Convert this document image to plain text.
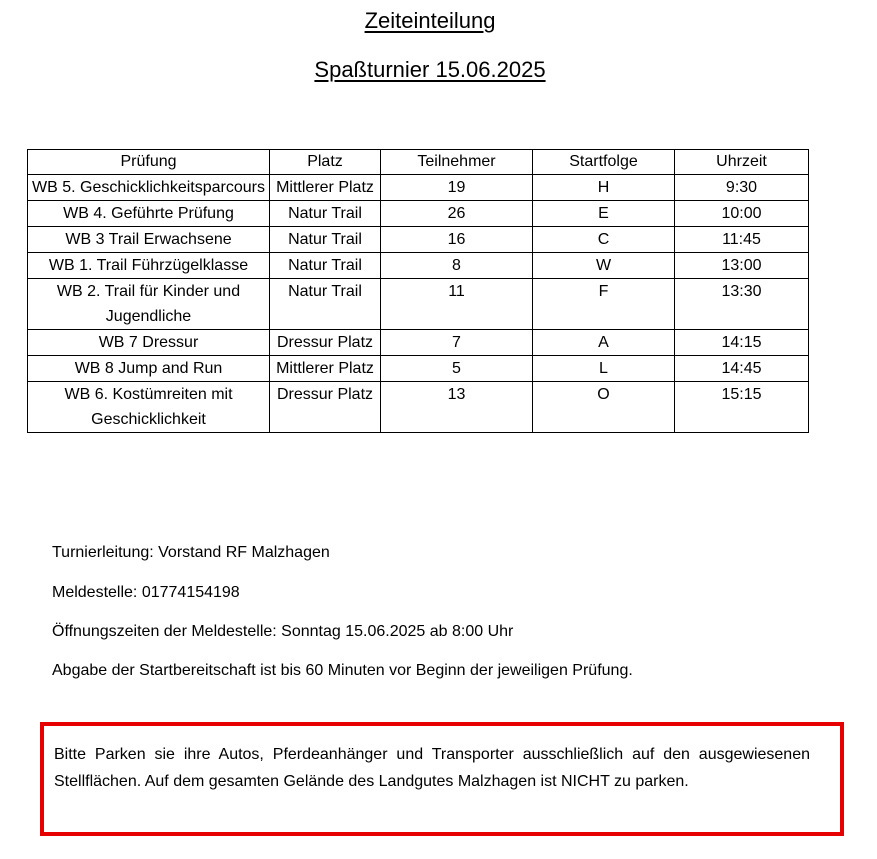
Zeiteinteilung
Spaßturnier 15.06.2025
Prüfung	Platz	Teilnehmer	Startfolge	Uhrzeit
WB 5. Geschicklichkeitsparcours	Mittlerer Platz	19	H	9:30
WB 4. Geführte Prüfung	Natur Trail	26	E	10:00
WB 3 Trail Erwachsene	Natur Trail	16	C	11:45
WB 1. Trail Führzügelklasse	Natur Trail	8	W	13:00
WB 2. Trail für Kinder und Jugendliche	Natur Trail	11	F	13:30
WB 7 Dressur	Dressur Platz	7	A	14:15
WB 8 Jump and Run	Mittlerer Platz	5	L	14:45
WB 6. Kostümreiten mit Geschicklichkeit	Dressur Platz	13	O	15:15
Turnierleitung: Vorstand RF Malzhagen
Meldestelle: 01774154198
Öffnungszeiten der Meldestelle: Sonntag 15.06.2025 ab 8:00 Uhr
Abgabe der Startbereitschaft ist bis 60 Minuten vor Beginn der jeweiligen Prüfung.

Bitte Parken sie ihre Autos, Pferdeanhänger und Transporter ausschließlich auf den ausgewiesenen Stellflächen. Auf dem gesamten Gelände des Landgutes Malzhagen ist NICHT zu parken.
